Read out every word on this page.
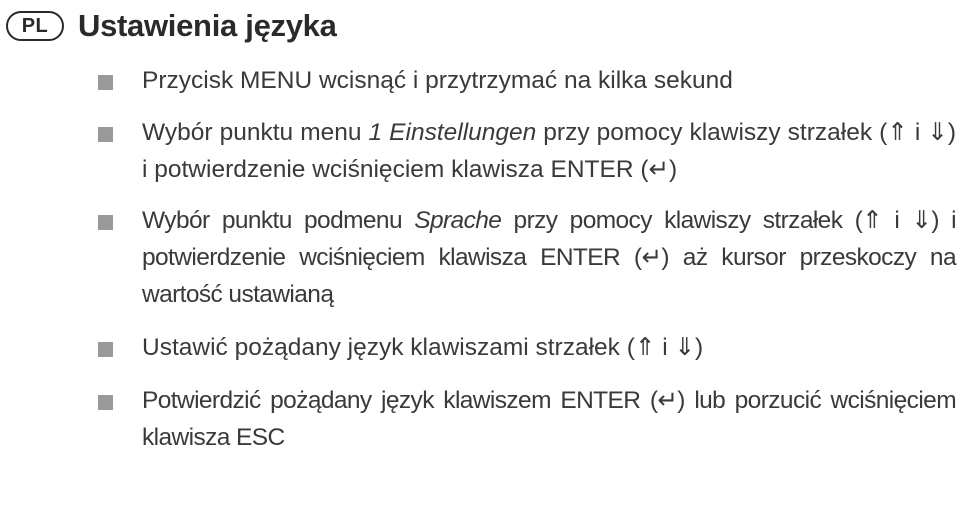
PL Ustawienia języka
Przycisk MENU wcisnąć i przytrzymać na kilka sekund
Wybór punktu menu 1 Einstellungen przy pomocy klawiszy strzałek (⇑ i ⇓) i potwierdzenie wciśnięciem klawisza ENTER (↵)
Wybór punktu podmenu Sprache przy pomocy klawiszy strzałek (⇑ i ⇓) i potwierdzenie wciśnięciem klawisza ENTER (↵) aż kursor przeskoczy na wartość ustawianą
Ustawić pożądany język klawiszami strzałek (⇑ i ⇓)
Potwierdzić pożądany język klawiszem ENTER (↵) lub porzucić wciśnięciem klawisza ESC
